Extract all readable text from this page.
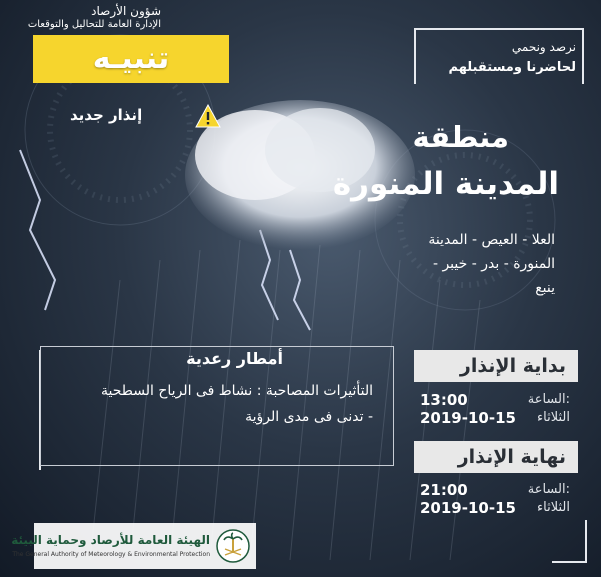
شؤون الأرصاد
الإدارة العامة للتحاليل والتوقعات
تنبيـه
إنذار جديد
نرصد ونحمي
لحاضرنا ومستقبلهم
منطقة
المدينة المنورة
العلا - العيص - المدينة
المنورة - بدر - خيبر -
ينبع
أمطار رعدية
التأثيرات المصاحبة : نشاط فى الرياح السطحية
- تدنى فى مدى الرؤية
بداية الإنذار
الساعة:
13:00
الثلاثاء
2019-10-15
نهاية الإنذار
الساعة:
21:00
الثلاثاء
2019-10-15
الهيئة العامة للأرصاد وحماية البيئة
The General Authority of Meteorology & Environmental Protection
